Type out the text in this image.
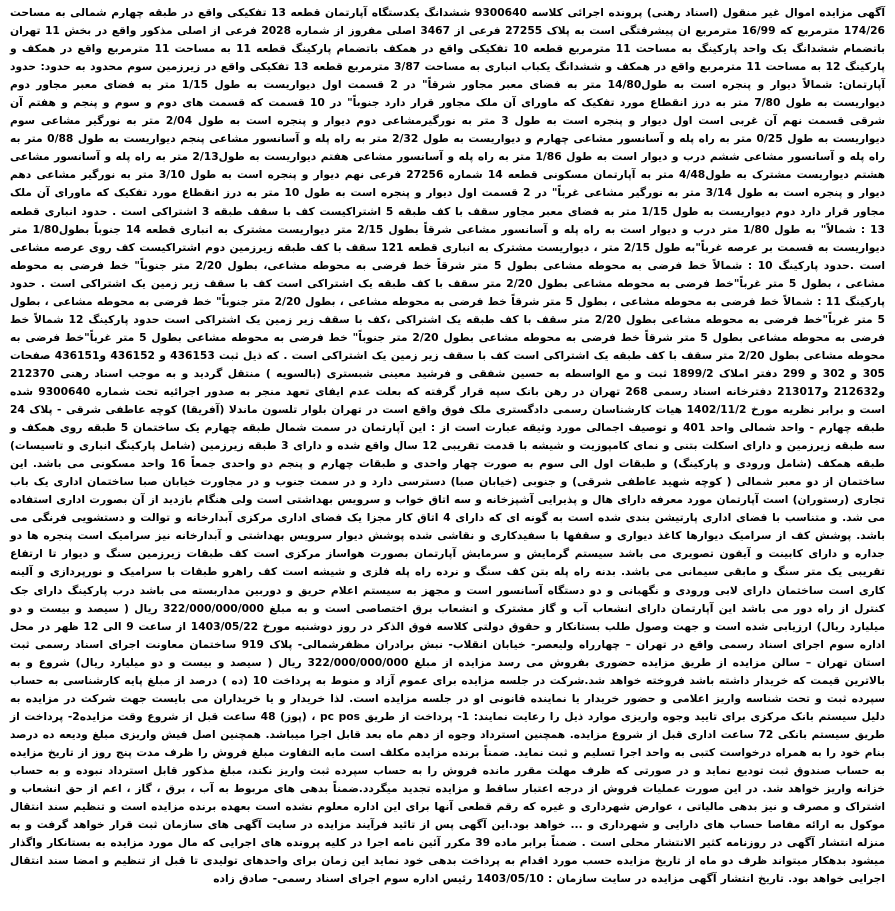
آگهی مزایده اموال غیر منقول (اسناد رهنی) پرونده اجرائی کلاسه 9300640 ششدانگ یکدستگاه آپارتمان قطعه 13 تفکیکی واقع در طبقه چهارم شمالی به مساحت 174/26 مترمربع که 16/99 مترمربع ان پیشرفتگی است به پلاک 27255 فرعی از 3467 اصلی مفروز از شماره 2028 فرعی از اصلی مذکور واقع در بخش 11 تهران باتضمام ششدانگ یک واحد پارکینگ به مساحت 11 مترمربع قطعه 10 تفکیکی واقع در همکف باتضمام پارکینگ قطعه 11 به مساحت 11 مترمربع واقع در همکف و پارکینگ 12 به مساحت 11 مترمربع واقع در همکف و ششدانگ یکباب انباری به مساحت 3/87 مترمربع قطعه 13 تفکیکی واقع در زیرزمین سوم محدود به حدود: حدود آپارتمان: شمالاً دیوار و پنجره است به طول14/80 متر به فضای معبر مجاور شرقاً" در 2 قسمت اول دیواریست به طول 1/15 متر به فضای معبر مجاور دوم دیواریست به طول 7/80 متر به درز انقطاع مورد تفکیک که ماورای آن ملک مجاور قرار دارد جنوباً" در 10 قسمت که قسمت های دوم و سوم و پنجم و هفتم آن شرقی قسمت نهم آن غربی است اول دیوار و پنجره است به طول 3 متر به نورگیرمشاعی دوم دیوار و پنجره است به طول 2/04 متر به نورگیر مشاعی سوم دیواریست به طول 0/25 متر به راه پله و آسانسور مشاعی چهارم و دیواریست به طول 2/32 متر به راه پله و آسانسور مشاعی پنجم دیواریست به طول 0/88 متر به راه پله و آسانسور مشاعی ششم درب و دیوار است به طول 1/86 متر به راه پله و آسانسور مشاعی هفتم دیواریست به طول2/13 متر به راه پله و آسانسور مشاعی هشتم دیواریست مشترک به طول4/48 متر به آپارتمان مسکونی قطعه 14 شماره 27256 فرعی نهم دیوار و پنجره است به طول 3/10 متر به نورگیر مشاعی دهم دیوار و پنجره است به طول 3/14 متر به نورگیر مشاعی غرباً" در 2 قسمت اول دیوار و پنجره است به طول 10 متر به درز انقطاع مورد تفکیک که ماورای آن ملک مجاور قرار دارد دوم دیواریست به طول 1/15 متر به فضای معبر مجاور سقف با کف طبقه 5 اشتراکیست کف با سقف طبقه 3 اشتراکی است . حدود انباری قطعه 13 : شمالاً" به طول 1/80 متر درب و دیوار است به راه پله و آسانسور مشاعی شرقاً بطول 2/15 متر دیواریست مشترک به انباری قطعه 14 جنوباً بطول1/80 متر دیواریست به قسمت بر عرصه غرباً"به طول 2/15 متر ، دیواریست مشترک به انباری قطعه 121 سقف با کف طبقه زیرزمین دوم اشتراکیست کف روی عرصه مشاعی است .حدود پارکینگ 10 : شمالاً خط فرضی به محوطه مشاعی بطول 5 متر شرقاً خط فرضی به محوطه مشاعی، بطول 2/20 متر جنوباً" خط فرضی به محوطه مشاعی ، بطول 5 متر غرباً"خط فرضی به محوطه مشاعی بطول 2/20 متر سقف با کف طبقه یک اشتراکی است کف با سقف زیر زمین یک اشتراکی است . حدود پارکینگ 11 : شمالاً خط فرضی به محوطه مشاعی ، بطول 5 متر شرقاً خط فرضی به محوطه مشاعی ، بطول 2/20 متر جنوباً" خط فرضی به محوطه مشاعی ، بطول 5 متر غرباً"خط فرضی به محوطه مشاعی بطول 2/20 متر سقف با کف طبقه یک اشتراکی ،کف با سقف زیر زمین یک اشتراکی است حدود پارکینگ 12 شمالاً خط فرضی به محوطه مشاعی بطول 5 متر شرقاً خط فرضی به محوطه مشاعی بطول 2/20 متر جنوباً" خط فرضی به محوطه مشاعی بطول 5 متر غرباً"خط فرضی به محوطه مشاعی بطول 2/20 متر سقف با کف طبقه یک اشتراکی است کف با سقف زیر زمین یک اشتراکی است . که ذیل ثبت 436153 و 436152 و436151 صفحات 305 و 302 و 299 دفتر املاک 1899/2 ثبت و مع الواسطه به حسین شفقی و فرشید معینی شبستری (بالسویه ) منتقل گردید و به موجب اسناد رهنی 212370 و212632 و213017 دفترخانه اسناد رسمی 268 تهران در رهن بانک سپه قرار گرفته که بعلت عدم ایفای تعهد منجر به صدور اجرائیه تحت شماره 9300640 شده است و برابر نظریه مورخ 1402/11/2 هیات کارشناسان رسمی دادگستری ملک فوق واقع است در تهران بلوار تلسون ماندلا (آفریقا) کوچه عاطفی شرقی - پلاک 24 طبقه چهارم - واحد شمالی واحد 401 و توصیف اجمالی مورد وثیقه عبارت است از : این آپارتمان در سمت شمال طبقه چهارم یک ساختمان 5 طبقه روی همکف و سه طبقه زیرزمین و دارای اسکلت بتنی و نمای کامپوزیت و شیشه با قدمت تقریبی 12 سال واقع شده و دارای 3 طبقه زیرزمین (شامل پارکینگ انباری و تاسیسات) طبقه همکف (شامل ورودی و پارکینگ) و طبقات اول الی سوم به صورت چهار واحدی و طبقات چهارم و پنجم دو واحدی جمعاً 16 واحد مسکونی می باشد. این ساختمان از دو معبر شمالی ( کوچه شهید عاطفی شرقی) و جنوبی (خیابان صبا) دسترسی دارد و در سمت جنوب و در مجاورت خیابان صبا ساختمان اداری یک باب تجاری (رستوران) است آپارتمان مورد معرفه دارای هال و پذیرایی آشپزخانه و سه اتاق خواب و سرویس بهداشتی است ولی هنگام بازدید از آن بصورت اداری استفاده می شد. و متناسب با فضای اداری پارتیشن بندی شده است به گونه ای که دارای 4 اتاق کار مجزا یک فضای اداری مرکزی آبدارخانه و توالت و دستشویی فرنگی می باشد. پوشش کف از سرامیک دیوارها کاغذ دیواری و سقفها با سفیدکاری و نقاشی شده پوشش دیوار سرویس بهداشتی و آبدارخانه نیز سرامیک است پنجره ها دو جداره و دارای کابینت و آیفون تصویری می باشد سیستم گرمایش و سرمایش آپارتمان بصورت هواساز مرکزی است کف طبقات زیرزمین سنگ و دیوار تا ارتفاع تقریبی یک متر سنگ و مابقی سیمانی می باشد. بدنه راه پله بتن کف سنگ و نرده راه پله فلزی و شیشه است کف راهرو طبقات با سرامیک و نورپردازی و آلینه کاری است ساختمان دارای لابی ورودی و نگهبانی و دو دستگاه آسانسور است و مجهز به سیستم اعلام حریق و دوربین مداربسته می باشد درب پارکینگ دارای جک کنترل از راه دور می باشد این آپارتمان دارای انشعاب آب و گاز مشترک و انشعاب برق اختصاصی است و به مبلغ 322/000/000/000 ریال ( سیصد و بیست و دو میلیارد ریال) ارزیابی شده است و جهت وصول طلب بستانکار و حقوق دولتی کلاسه فوق الذکر در روز دوشنبه مورخ 1403/05/22 از ساعت 9 الی 12 ظهر در محل اداره سوم اجرای اسناد رسمی واقع در تهران – چهارراه ولیعصر- خیابان انقلاب- نبش برادران مظفرشمالی- پلاک 919 ساختمان معاونت اجرای اسناد رسمی ثبت استان تهران – سالن مزایده از طریق مزایده حضوری بفروش می رسد مزایده از مبلغ 322/000/000/000 ریال ( سیصد و بیست و دو میلیارد ریال) شروع و به بالاترین قیمت که خریدار داشته باشد فروخته خواهد شد.شرکت در جلسه مزایده برای عموم آزاد و منوط به پرداخت 10 (ده ) درصد از مبلغ پایه کارشناسی به حساب سپرده ثبت و تحت شناسه واریز اعلامی و حضور خریدار یا نماینده قانونی او در جلسه مزایده است. لذا خریدار و یا خریداران می بایست جهت شرکت در مزایده به دلیل سیستم بانک مرکزی برای تایید وجوه واریزی موارد ذیل را رعایت نمایند: 1- پرداخت از طریق pc pos ، (پوز) 48 ساعت قبل از شروع وقت مزایده2- پرداخت از طریق سیستم بانکی 72 ساعت اداری قبل از شروع مزایده. همچنین استرداد وجوه از دهم ماه بعد قابل اجرا میباشد. همچنین اصل فیش واریزی مبلغ ودیعه ده درصد بنام خود را به همراه درخواست کتبی به واحد اجرا تسلیم و ثبت نماید. ضمناً برنده مزایده مکلف است مابه التفاوت مبلغ فروش را ظرف مدت پنج روز از تاریخ مزایده به حساب صندوق ثبت تودیع نماید و در صورتی که ظرف مهلت مقرر مانده فروش را به حساب سپرده ثبت واریز نکند، مبلغ مذکور قابل استرداد نبوده و به حساب خزانه واریز خواهد شد. در این صورت عملیات فروش از درجه اعتبار ساقط و مزایده تجدید میگردد.ضمناً بدهی های مربوط به آب ، برق ، گاز ، اعم از حق انشعاب و اشتراک و مصرف و نیز بدهی مالیاتی ، عوارض شهرداری و غیره که رقم قطعی آنها برای این اداره معلوم نشده است بعهده برنده مزایده است و تنظیم سند انتقال موکول به ارائه مفاصا حساب های دارایی و شهرداری و ... خواهد بود.این آگهی پس از تائید فرآیند مزایده در سایت آگهی های سازمان ثبت قرار خواهد گرفت و به منزله انتشار آگهی در روزنامه کثیر الانتشار محلی است . ضمناً برابر ماده 39 مکرر آئین نامه اجرا در کلیه پرونده های اجرایی که مال مورد مزایده به بستانکار واگذار میشود بدهکار میتواند ظرف دو ماه از تاریخ مزایده حسب مورد اقدام به پرداخت بدهی خود نماید این زمان برای واحدهای تولیدی تا قبل از تنظیم و امضا سند انتقال اجرایی خواهد بود. تاریخ انتشار آگهی مزایده در سایت سازمان : 1403/05/10 رئیس اداره سوم اجرای اسناد رسمی- صادق زاده
